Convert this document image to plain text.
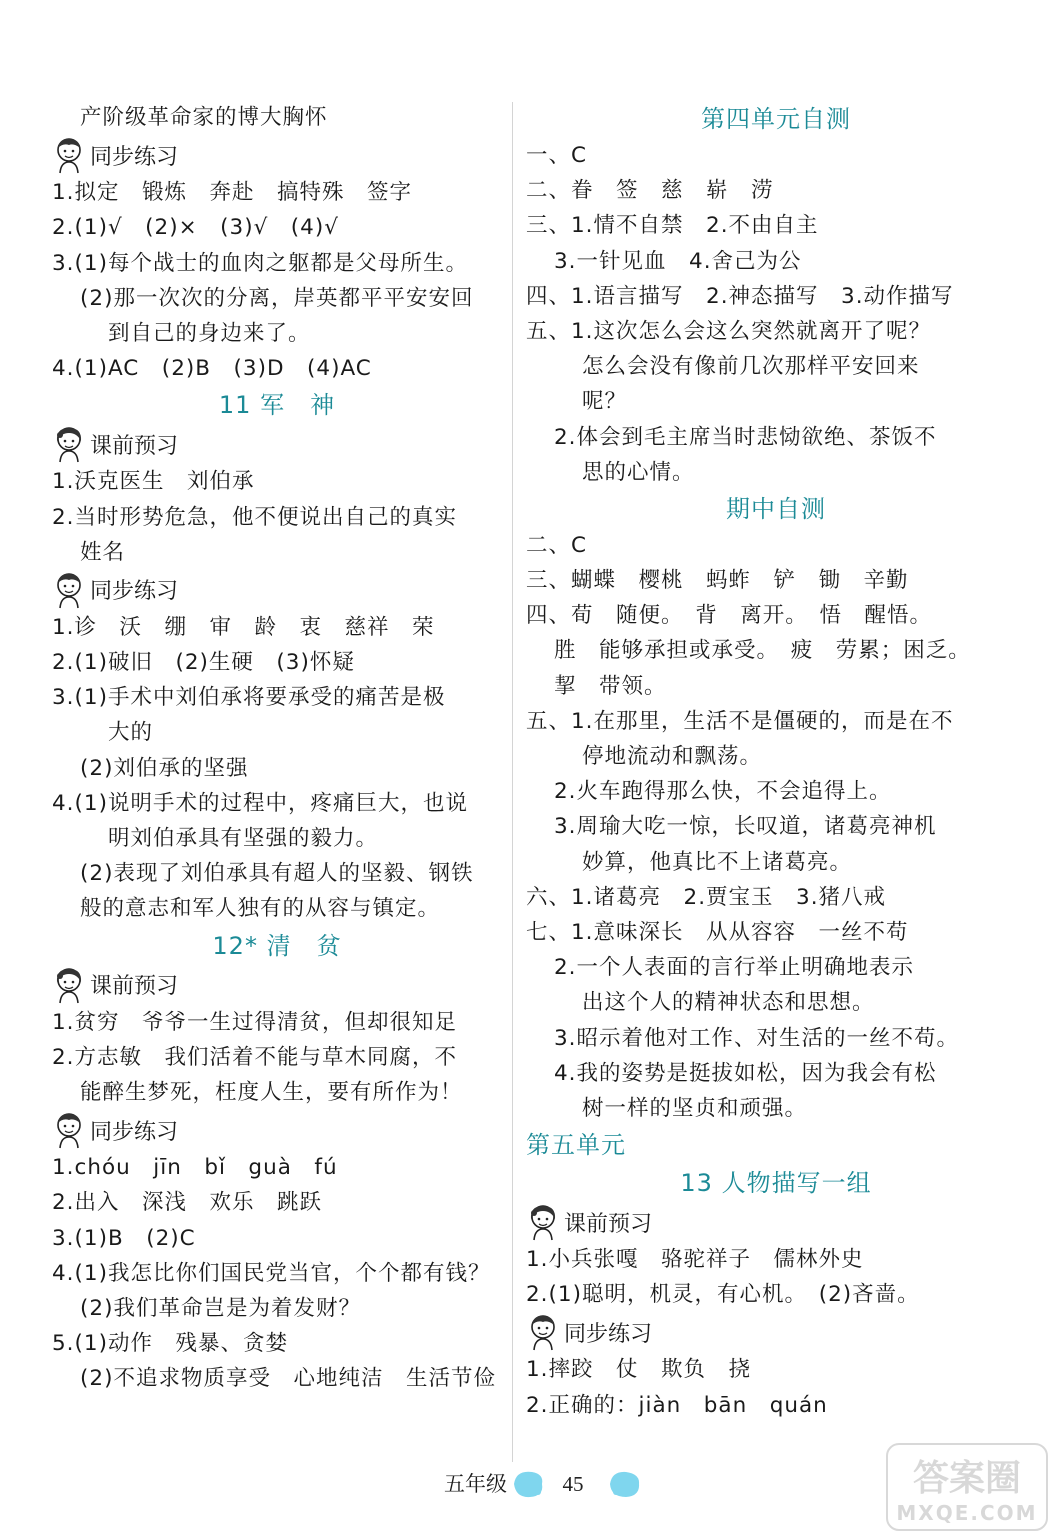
产阶级革命家的博大胸怀
同步练习
1.拟定　锻炼　奔赴　搞特殊　签字
2.(1)√　(2)×　(3)√　(4)√
3.(1)每个战士的血肉之躯都是父母所生。
(2)那一次次的分离，岸英都平平安安回
到自己的身边来了。
4.(1)AC　(2)B　(3)D　(4)AC
11 军　神
课前预习
1.沃克医生　刘伯承
2.当时形势危急，他不便说出自己的真实
姓名
同步练习
1.诊　沃　绷　审　龄　衷　慈祥　荣
2.(1)破旧　(2)生硬　(3)怀疑
3.(1)手术中刘伯承将要承受的痛苦是极
大的
(2)刘伯承的坚强
4.(1)说明手术的过程中，疼痛巨大，也说
明刘伯承具有坚强的毅力。
(2)表现了刘伯承具有超人的坚毅、钢铁
般的意志和军人独有的从容与镇定。
12* 清　贫
课前预习
1.贫穷　爷爷一生过得清贫，但却很知足
2.方志敏　我们活着不能与草木同腐，不
能醉生梦死，枉度人生，要有所作为！
同步练习
1.chóu　jīn　bǐ　guà　fú
2.出入　深浅　欢乐　跳跃
3.(1)B　(2)C
4.(1)我怎比你们国民党当官，个个都有钱？
(2)我们革命岂是为着发财？
5.(1)动作　残暴、贪婪
(2)不追求物质享受　心地纯洁　生活节俭
第四单元自测
一、C
二、眷　签　慈　崭　涝
三、1.情不自禁　2.不由自主
3.一针见血　4.舍己为公
四、1.语言描写　2.神态描写　3.动作描写
五、1.这次怎么会这么突然就离开了呢？
怎么会没有像前几次那样平安回来
呢？
2.体会到毛主席当时悲恸欲绝、茶饭不
思的心情。
期中自测
二、C
三、蝴蝶　樱桃　蚂蚱　铲　锄　辛勤
四、荀　随便。　背　离开。　悟　醒悟。
胜　能够承担或承受。　疲　劳累；困乏。
挈　带领。
五、1.在那里，生活不是僵硬的，而是在不
停地流动和飘荡。
2.火车跑得那么快，不会追得上。
3.周瑜大吃一惊，长叹道，诸葛亮神机
妙算，他真比不上诸葛亮。
六、1.诸葛亮　2.贾宝玉　3.猪八戒
七、1.意味深长　从从容容　一丝不苟
2.一个人表面的言行举止明确地表示
出这个人的精神状态和思想。
3.昭示着他对工作、对生活的一丝不苟。
4.我的姿势是挺拔如松，因为我会有松
树一样的坚贞和顽强。
第五单元
13 人物描写一组
课前预习
1.小兵张嘎　骆驼祥子　儒林外史
2.(1)聪明，机灵，有心机。　(2)吝啬。
同步练习
1.摔跤　仗　欺负　挠
2.正确的：jiàn　bān　quán
五年级	45	答案圈
MXQE.COM
